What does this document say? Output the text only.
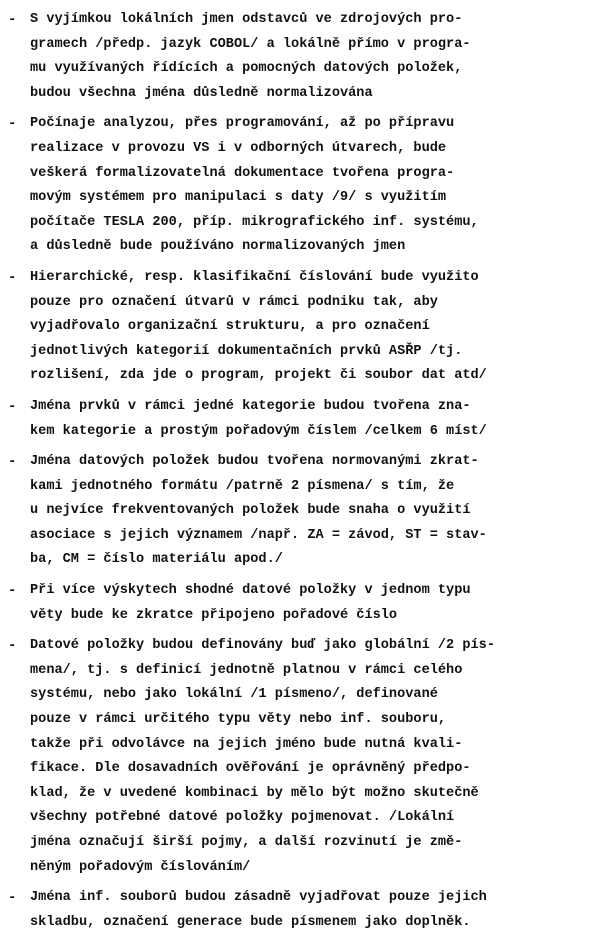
- S vyjímkou lokálních jmen odstavců ve zdrojových pro-
gramech /předp. jazyk COBOL/ a lokálně přímo v progra-
mu využívaných řídících a pomocných datových položek,
budou všechna jména důsledně normalizována
- Počínaje analyzou, přes programování, až po přípravu
realizace v provozu VS i v odborných útvarech, bude
veškerá formalizovatelná dokumentace tvořena progra-
movým systémem pro manipulaci s daty /9/ s využitím
počítače TESLA 200, příp. mikrografického inf. systému,
a důsledně bude používáno normalizovaných jmen
- Hierarchické, resp. klasifikační číslování bude využito
pouze pro označení útvarů v rámci podniku tak, aby
vyjadřovalo organizační strukturu, a pro označení
jednotlivých kategorií dokumentačních prvků ASŘP /tj.
rozlišení, zda jde o program, projekt či soubor dat atd/
- Jména prvků v rámci jedné kategorie budou tvořena zna-
kem kategorie a prostým pořadovým číslem /celkem 6 míst/
- Jména datových položek budou tvořena normovanými zkrat-
kami jednotného formátu /patrně 2 písmena/ s tím, že
u nejvíce frekventovaných položek bude snaha o využití
asociace s jejich významem /např. ZA = závod, ST = stav-
ba, CM = číslo materiálu apod./
- Při více výskytech shodné datové položky v jednom typu
věty bude ke zkratce připojeno pořadové číslo
- Datové položky budou definovány buď jako globální /2 pís-
mena/, tj. s definicí jednotně platnou v rámci celého
systému, nebo jako lokální /1 písmeno/, definované
pouze v rámci určitého typu věty nebo inf. souboru,
takže při odvolávce na jejich jméno bude nutná kvali-
fikace. Dle dosavadních ověřování je oprávněný předpo-
klad, že v uvedené kombinaci by mělo být možno skutečně
všechny potřebné datové položky pojmenovat. /Lokální
jména označují širší pojmy, a další rozvinutí je změ-
něným pořadovým číslováním/
- Jména inf. souborů budou zásadně vyjadřovat pouze jejich
skladbu, označení generace bude písmenem jako doplněk.
